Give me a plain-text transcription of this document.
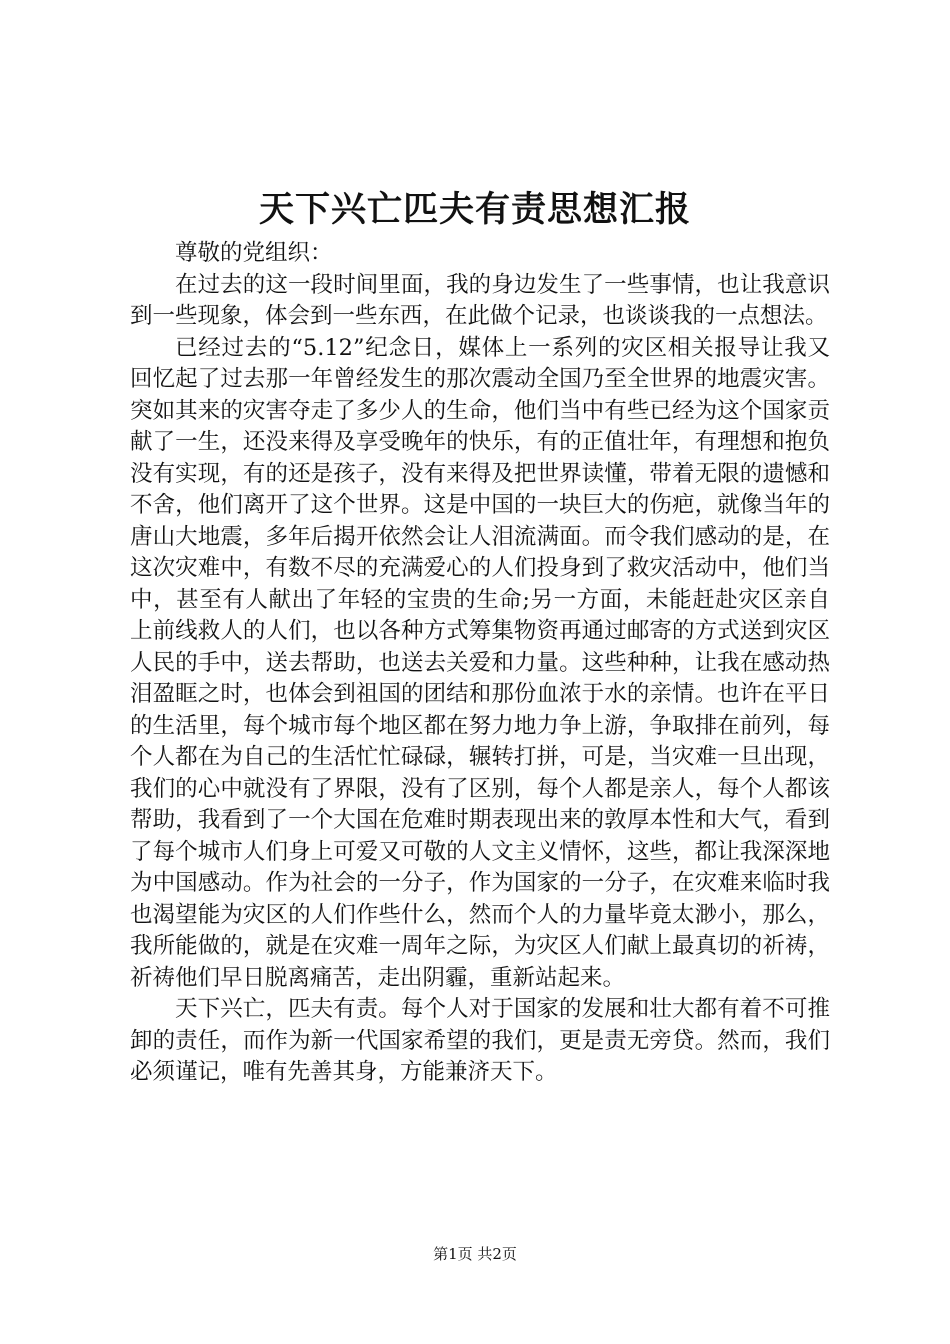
天下兴亡匹夫有责思想汇报

尊敬的党组织：

在过去的这一段时间里面，我的身边发生了一些事情，也让我意识到一些现象，体会到一些东西，在此做个记录，也谈谈我的一点想法。

已经过去的“5.12”纪念日，媒体上一系列的灾区相关报导让我又回忆起了过去那一年曾经发生的那次震动全国乃至全世界的地震灾害。突如其来的灾害夺走了多少人的生命，他们当中有些已经为这个国家贡献了一生，还没来得及享受晚年的快乐，有的正值壮年，有理想和抱负没有实现，有的还是孩子，没有来得及把世界读懂，带着无限的遗憾和不舍，他们离开了这个世界。这是中国的一块巨大的伤疤，就像当年的唐山大地震，多年后揭开依然会让人泪流满面。而令我们感动的是，在这次灾难中，有数不尽的充满爱心的人们投身到了救灾活动中，他们当中，甚至有人献出了年轻的宝贵的生命;另一方面，未能赶赴灾区亲自上前线救人的人们，也以各种方式筹集物资再通过邮寄的方式送到灾区人民的手中，送去帮助，也送去关爱和力量。这些种种，让我在感动热泪盈眶之时，也体会到祖国的团结和那份血浓于水的亲情。也许在平日的生活里，每个城市每个地区都在努力地力争上游，争取排在前列，每个人都在为自己的生活忙忙碌碌，辗转打拼，可是，当灾难一旦出现，我们的心中就没有了界限，没有了区别，每个人都是亲人，每个人都该帮助，我看到了一个大国在危难时期表现出来的敦厚本性和大气，看到了每个城市人们身上可爱又可敬的人文主义情怀，这些，都让我深深地为中国感动。作为社会的一分子，作为国家的一分子，在灾难来临时我也渴望能为灾区的人们作些什么，然而个人的力量毕竟太渺小，那么，我所能做的，就是在灾难一周年之际，为灾区人们献上最真切的祈祷，祈祷他们早日脱离痛苦，走出阴霾，重新站起来。

天下兴亡，匹夫有责。每个人对于国家的发展和壮大都有着不可推卸的责任，而作为新一代国家希望的我们，更是责无旁贷。然而，我们必须谨记，唯有先善其身，方能兼济天下。

第1页 共2页
